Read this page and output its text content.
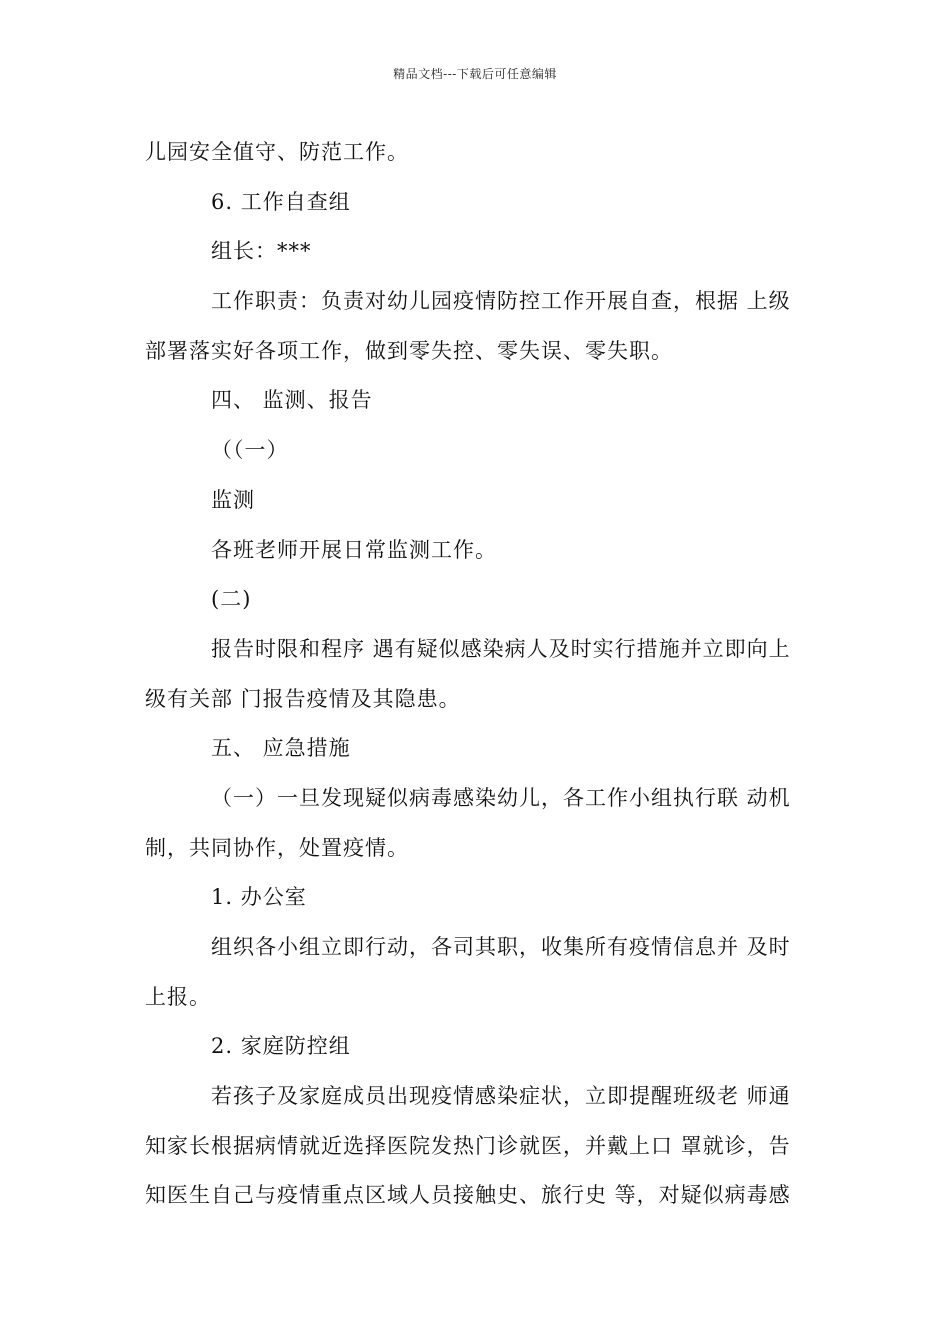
精品文档---下载后可任意编辑
儿园安全值守、防范工作。
6. 工作自查组
组长：***
工作职责：负责对幼儿园疫情防控工作开展自查，根据 上级
部署落实好各项工作，做到零失控、零失误、零失职。
四、 监测、报告
（（一）
监测
各班老师开展日常监测工作。
(二)
报告时限和程序 遇有疑似感染病人及时实行措施并立即向上
级有关部 门报告疫情及其隐患。
五、 应急措施
（一）一旦发现疑似病毒感染幼儿，各工作小组执行联 动机
制，共同协作，处置疫情。
1. 办公室
组织各小组立即行动，各司其职，收集所有疫情信息并 及时
上报。
2. 家庭防控组
若孩子及家庭成员出现疫情感染症状，立即提醒班级老 师通
知家长根据病情就近选择医院发热门诊就医，并戴上口 罩就诊，告
知医生自己与疫情重点区域人员接触史、旅行史 等，对疑似病毒感
